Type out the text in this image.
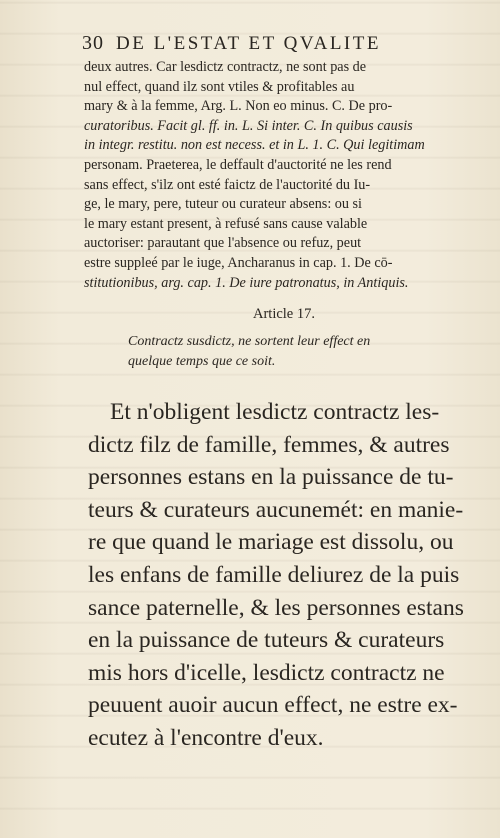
30 DE L'ESTAT ET QVALITE
deux autres. Car lesdictz contractz, ne sont pas de
nul effect, quand ilz sont vtiles & profitables au
mary & à la femme, Arg. L. Non eo minus. C. De pro-
curatoribus. Facit gl. ff. in. L. Si inter. C. In quibus causis
in integr. restitu. non est necess. et in L. 1. C. Qui legitimam
personam. Praeterea, le deffault d'auctorité ne les rend
sans effect, s'ilz ont esté faictz de l'auctorité du Iu-
ge, le mary, pere, tuteur ou curateur absens: ou si
le mary estant present, à refusé sans cause valable
auctoriser: parautant que l'absence ou refuz, peut
estre suppleé par le iuge, Ancharanus in cap. 1. De cō-
stitutionibus, arg. cap. 1. De iure patronatus, in Antiquis.
Article 17.
Contractz susdictz, ne sortent leur effect en
quelque temps que ce soit.
Et n'obligent lesdictz contractz les-
dictz filz de famille, femmes, & autres
personnes estans en la puissance de tu-
teurs & curateurs aucunemét: en manie-
re que quand le mariage est dissolu, ou
les enfans de famille deliurez de la puis
sance paternelle, & les personnes estans
en la puissance de tuteurs & curateurs
mis hors d'icelle, lesdictz contractz ne
peuuent auoir aucun effect, ne estre ex-
ecutez à l'encontre d'eux.
